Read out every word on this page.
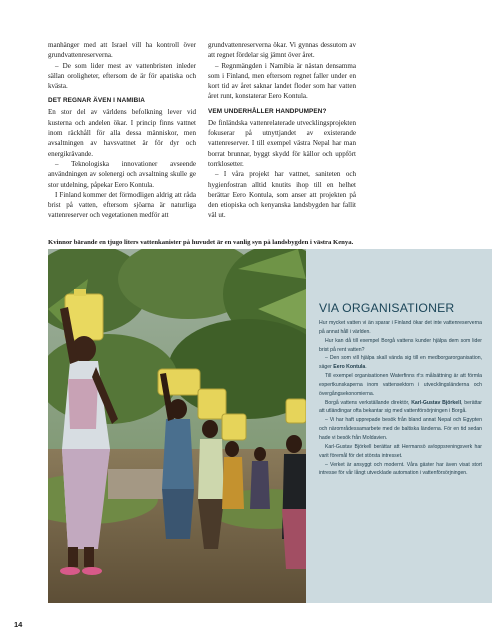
manhänger med att Israel vill ha kontroll över grundvattenreserverna.

– De som lider mest av vattenbristen inleder sällan oroligheter, eftersom de är för apatiska och kvästa.

DET REGNAR ÄVEN I NAMIBIA

En stor del av världens befolkning lever vid kusterna och andelen ökar. I princip finns vattnet inom räckhåll för alla dessa människor, men avsaltningen av havsvattnet är för dyr och energikrävande.

– Teknologiska innovationer avseende användningen av solenergi och avsaltning skulle ge stor utdelning, påpekar Eero Kontula.

I Finland kommer det förmodligen aldrig att råda brist på vatten, eftersom sjöarna är naturliga vattenreserver och vegetationen medför att

grundvattenreserverna ökar. Vi gynnas dessutom av att regnet fördelar sig jämnt över året.

– Regnmängden i Namibia är nästan densamma som i Finland, men eftersom regnet faller under en kort tid av året saknar landet floder som har vatten året runt, konstaterar Eero Kontula.

VEM UNDERHÅLLER HANDPUMPEN?

De finländska vattenrelaterade utvecklingsprojekten fokuserar på utnyttjandet av existerande vattenreserver. I till exempel västra Nepal har man borrat brunnar, byggt skydd för källor och uppfört torrklosetter.

– I våra projekt har vattnet, saniteten och hygienfostran alltid knutits ihop till en helhet berättar Eero Kontula, som anser att projekten på den etiopiska och kenyanska landsbygden har fallit väl ut.

Kvinnor bärande en tjugo liters vattenkanister på huvudet är en vanlig syn på landsbygden i västra Kenya.
VIA ORGANISATIONER

Hur mycket vatten vi än sparar i Finland ökar det inte vattenreserverna på annat håll i världen.

Hur kan då till exempel Borgå vattens kunder hjälpa dem som lider brist på rent vatten?

– Den som vill hjälpa skall vända sig till en medborgarorganisation, säger Eero Kontula.

Till exempel organisationen Waterfinns rf:s målsättning är att förmla expertkunskaperna inom vattensektorn i utvecklingsländerna och övergångsekonomierna.

Borgå vattens verkställande direktör, Karl-Gustav Björkell, berättar att utländingar ofta bekantar sig med vattenförsörjningen i Borgå.

– Vi har haft upprepade besök från bland annat Nepal och Egypten och närområdessamarbete med de baltiska länderna. För en tid sedan hade vi besök från Moldavien.

Karl-Gustav Björkell berättar att Hermansö avloppsreningsverk har varit föremål för det största intresset.

– Verket är ansyggt och modernt. Våra gäster har även visat stort intresse för vår långt utvecklade automation i vattenförsörjningen.

14
